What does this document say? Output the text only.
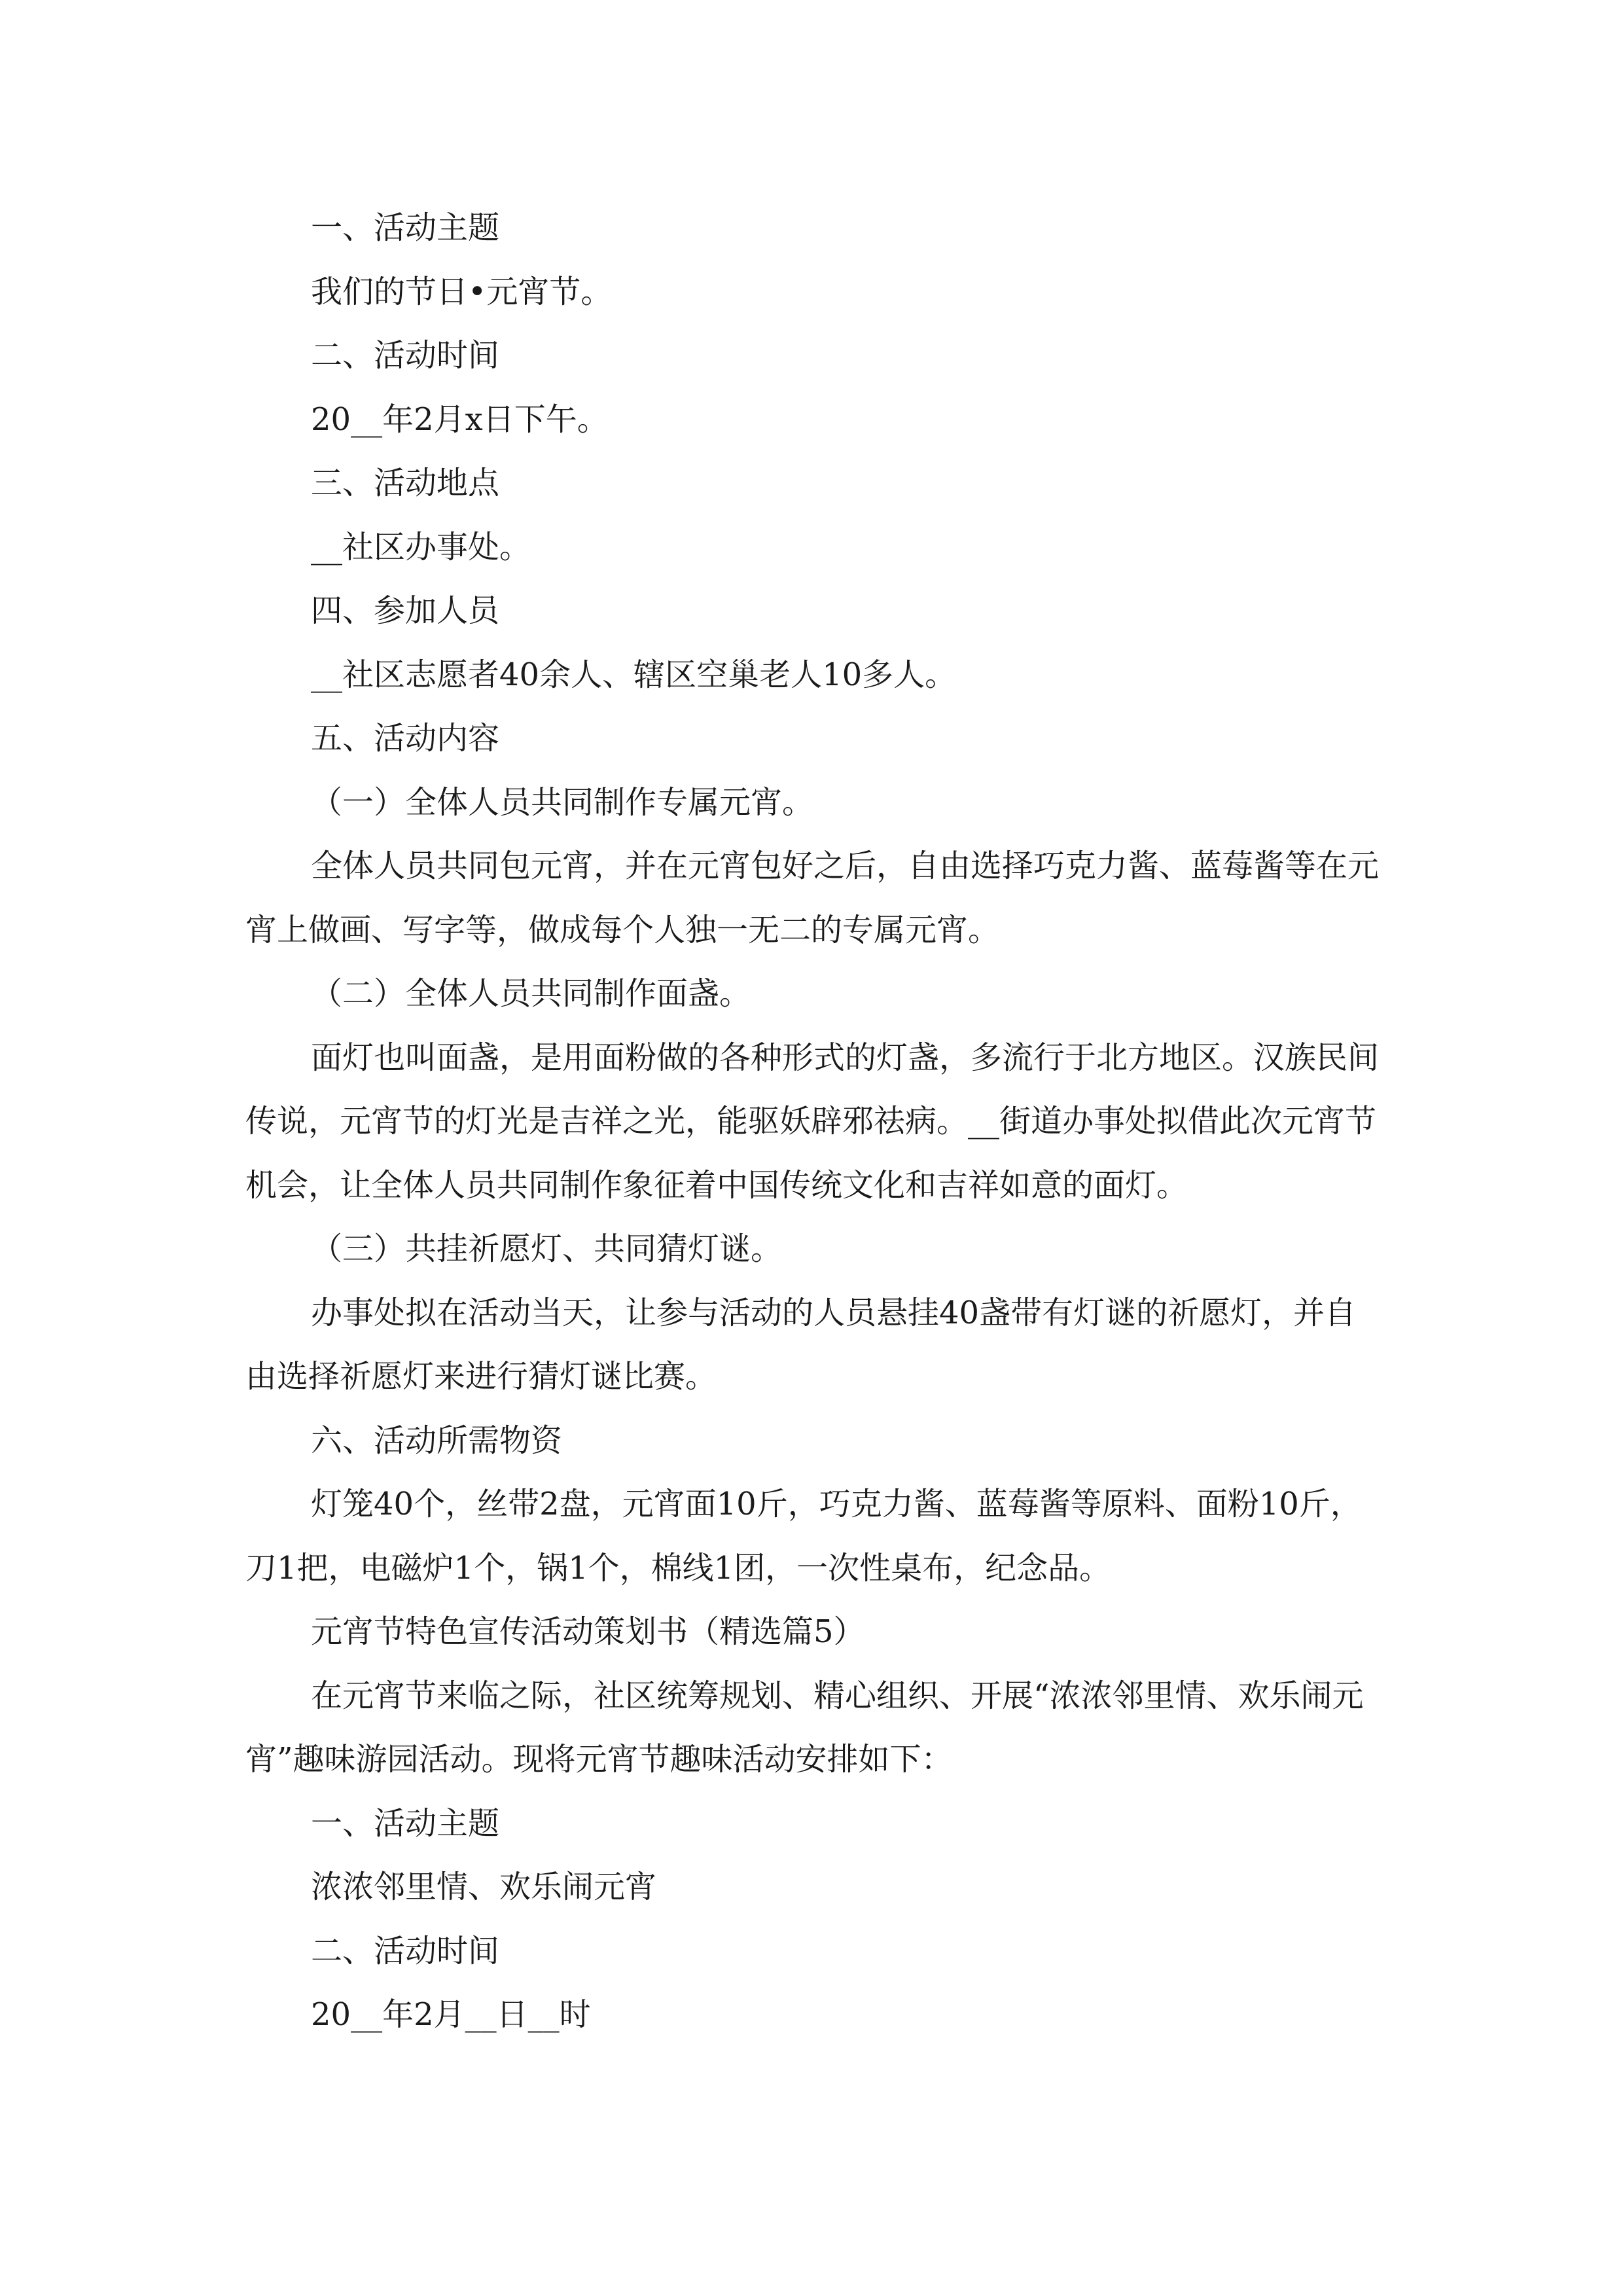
一、活动主题

我们的节日•元宵节。

二、活动时间

20__年2月x日下午。

三、活动地点

__社区办事处。

四、参加人员

__社区志愿者40余人、辖区空巢老人10多人。

五、活动内容

（一）全体人员共同制作专属元宵。

全体人员共同包元宵，并在元宵包好之后，自由选择巧克力酱、蓝莓酱等在元宵上做画、写字等，做成每个人独一无二的专属元宵。

（二）全体人员共同制作面盏。

面灯也叫面盏，是用面粉做的各种形式的灯盏，多流行于北方地区。汉族民间传说，元宵节的灯光是吉祥之光，能驱妖辟邪祛病。__街道办事处拟借此次元宵节机会，让全体人员共同制作象征着中国传统文化和吉祥如意的面灯。

（三）共挂祈愿灯、共同猜灯谜。

办事处拟在活动当天，让参与活动的人员悬挂40盏带有灯谜的祈愿灯，并自由选择祈愿灯来进行猜灯谜比赛。

六、活动所需物资

灯笼40个，丝带2盘，元宵面10斤，巧克力酱、蓝莓酱等原料、面粉10斤，刀1把，电磁炉1个，锅1个，棉线1团，一次性桌布，纪念品。

元宵节特色宣传活动策划书（精选篇5）

在元宵节来临之际，社区统筹规划、精心组织、开展“浓浓邻里情、欢乐闹元宵”趣味游园活动。现将元宵节趣味活动安排如下：

一、活动主题

浓浓邻里情、欢乐闹元宵

二、活动时间

20__年2月__日__时
